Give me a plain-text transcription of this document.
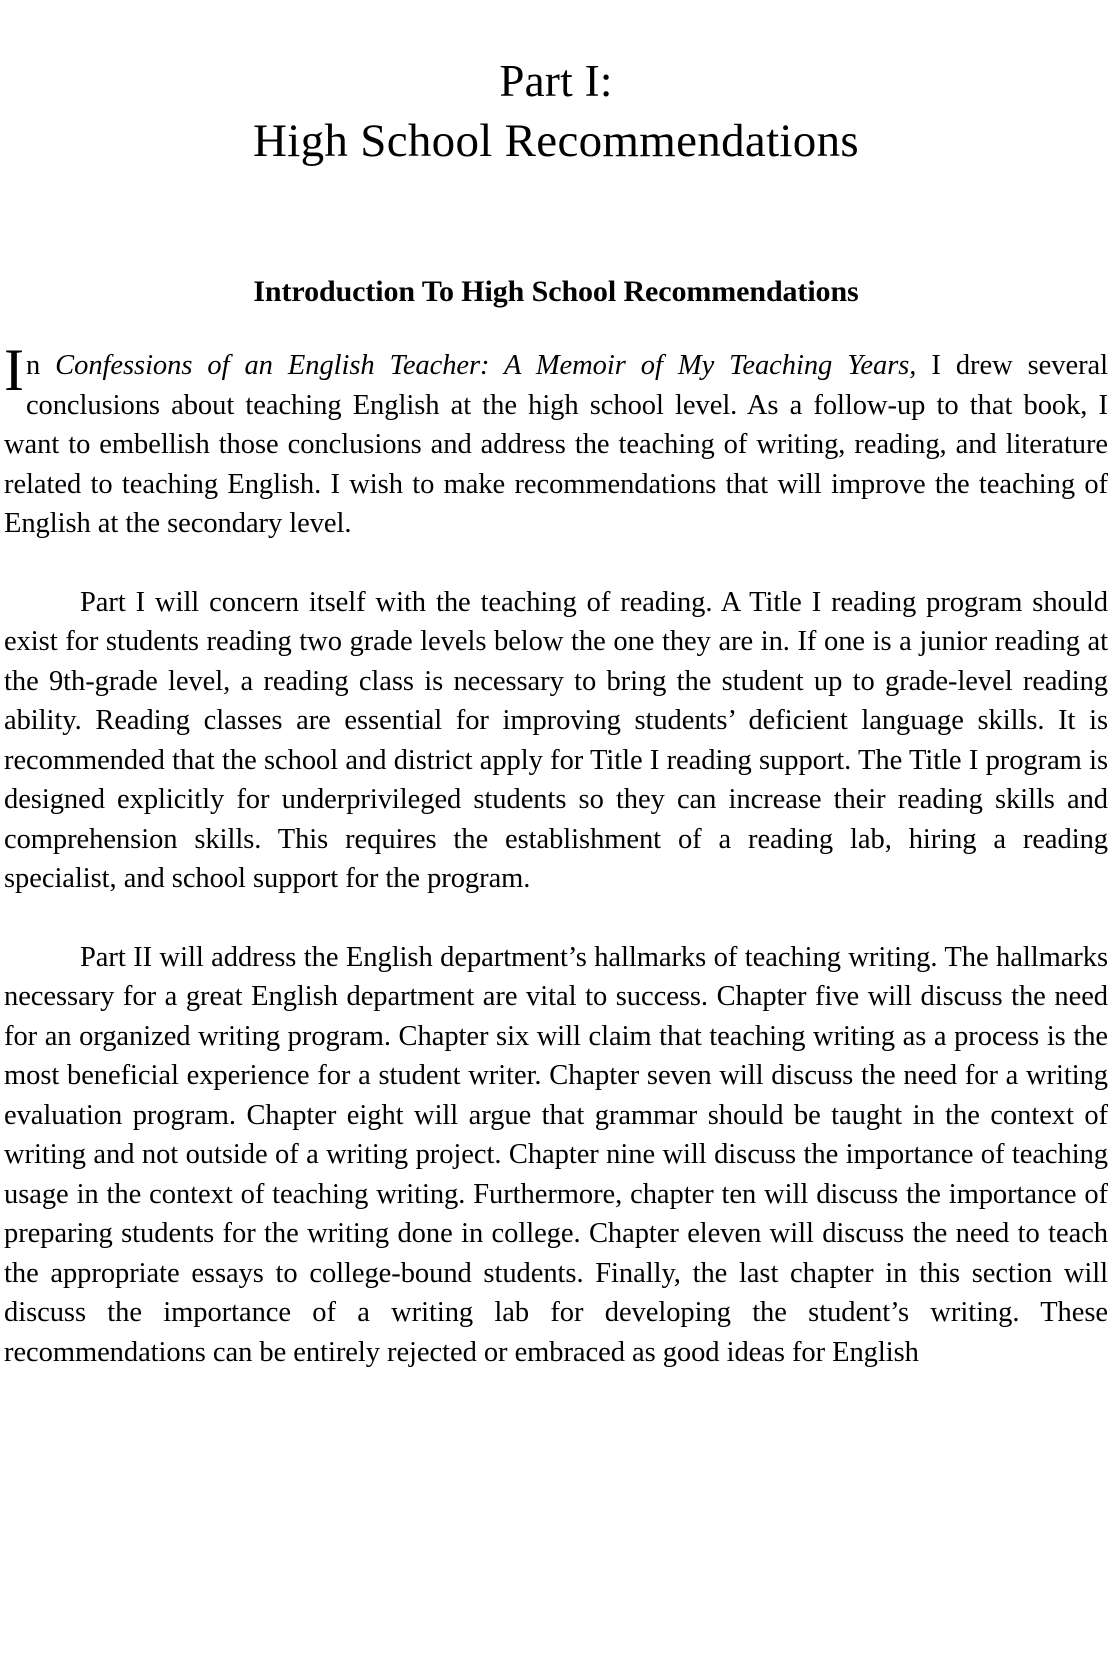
Part I:
High School Recommendations
Introduction To High School Recommendations

In Confessions of an English Teacher: A Memoir of My Teaching Years, I drew several conclusions about teaching English at the high school level. As a follow-up to that book, I want to embellish those conclusions and address the teaching of writing, reading, and literature related to teaching English. I wish to make recommendations that will improve the teaching of English at the secondary level.

Part I will concern itself with the teaching of reading. A Title I reading program should exist for students reading two grade levels below the one they are in. If one is a junior reading at the 9th-grade level, a reading class is necessary to bring the student up to grade-level reading ability. Reading classes are essential for improving students’ deficient language skills. It is recommended that the school and district apply for Title I reading support. The Title I program is designed explicitly for underprivileged students so they can increase their reading skills and comprehension skills. This requires the establishment of a reading lab, hiring a reading specialist, and school support for the program.

Part II will address the English department’s hallmarks of teaching writing. The hallmarks necessary for a great English department are vital to success. Chapter five will discuss the need for an organized writing program. Chapter six will claim that teaching writing as a process is the most beneficial experience for a student writer. Chapter seven will discuss the need for a writing evaluation program. Chapter eight will argue that grammar should be taught in the context of writing and not outside of a writing project. Chapter nine will discuss the importance of teaching usage in the context of teaching writing. Furthermore, chapter ten will discuss the importance of preparing students for the writing done in college. Chapter eleven will discuss the need to teach the appropriate essays to college-bound students. Finally, the last chapter in this section will discuss the importance of a writing lab for developing the student’s writing. These recommendations can be entirely rejected or embraced as good ideas for English
